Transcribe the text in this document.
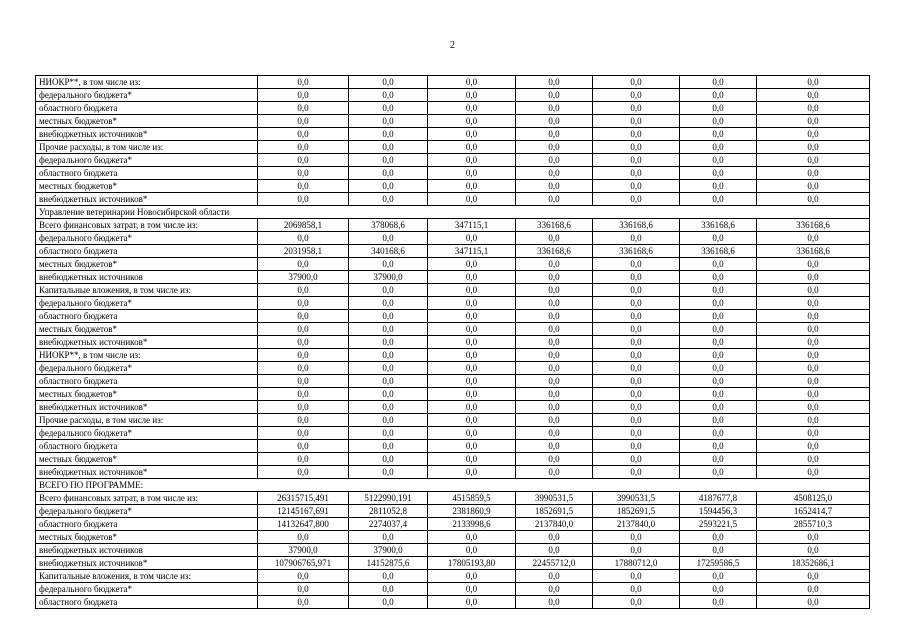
2
НИОКР**, в том числе из:	0,0	0,0	0,0	0,0	0,0	0,0	0,0
федерального бюджета*	0,0	0,0	0,0	0,0	0,0	0,0	0,0
областного бюджета	0,0	0,0	0,0	0,0	0,0	0,0	0,0
местных бюджетов*	0,0	0,0	0,0	0,0	0,0	0,0	0,0
внебюджетных источников*	0,0	0,0	0,0	0,0	0,0	0,0	0,0
Прочие расходы, в том числе из:	0,0	0,0	0,0	0,0	0,0	0,0	0,0
федерального бюджета*	0,0	0,0	0,0	0,0	0,0	0,0	0,0
областного бюджета	0,0	0,0	0,0	0,0	0,0	0,0	0,0
местных бюджетов*	0,0	0,0	0,0	0,0	0,0	0,0	0,0
внебюджетных источников*	0,0	0,0	0,0	0,0	0,0	0,0	0,0
Управление ветеринарии Новосибирской области							
Всего финансовых затрат, в том числе из:	2069858,1	378068,6	347115,1	336168,6	336168,6	336168,6	336168,6
федерального бюджета*	0,0	0,0	0,0	0,0	0,0	0,0	0,0
областного бюджета	2031958,1	340168,6	347115,1	336168,6	336168,6	336168,6	336168,6
местных бюджетов*	0,0	0,0	0,0	0,0	0,0	0,0	0,0
внебюджетных источников	37900,0	37900,0	0,0	0,0	0,0	0,0	0,0
Капитальные вложения, в том числе из:	0,0	0,0	0,0	0,0	0,0	0,0	0,0
федерального бюджета*	0,0	0,0	0,0	0,0	0,0	0,0	0,0
областного бюджета	0,0	0,0	0,0	0,0	0,0	0,0	0,0
местных бюджетов*	0,0	0,0	0,0	0,0	0,0	0,0	0,0
внебюджетных источников*	0,0	0,0	0,0	0,0	0,0	0,0	0,0
НИОКР**, в том числе из:	0,0	0,0	0,0	0,0	0,0	0,0	0,0
федерального бюджета*	0,0	0,0	0,0	0,0	0,0	0,0	0,0
областного бюджета	0,0	0,0	0,0	0,0	0,0	0,0	0,0
местных бюджетов*	0,0	0,0	0,0	0,0	0,0	0,0	0,0
внебюджетных источников*	0,0	0,0	0,0	0,0	0,0	0,0	0,0
Прочие расходы, в том числе из:	0,0	0,0	0,0	0,0	0,0	0,0	0,0
федерального бюджета*	0,0	0,0	0,0	0,0	0,0	0,0	0,0
областного бюджета	0,0	0,0	0,0	0,0	0,0	0,0	0,0
местных бюджетов*	0,0	0,0	0,0	0,0	0,0	0,0	0,0
внебюджетных источников*	0,0	0,0	0,0	0,0	0,0	0,0	0,0
ВСЕГО ПО ПРОГРАММЕ:							
Всего финансовых затрат, в том числе из:	26315715,491	5122990,191	4515859,5	3990531,5	3990531,5	4187677,8	4508125,0
федерального бюджета*	12145167,691	2811052,8	2381860,9	1852691,5	1852691,5	1594456,3	1652414,7
областного бюджета	14132647,800	2274037,4	2133998,6	2137840,0	2137840,0	2593221,5	2855710,3
местных бюджетов*	0,0	0,0	0,0	0,0	0,0	0,0	0,0
внебюджетных источников	37900,0	37900,0	0,0	0,0	0,0	0,0	0,0
внебюджетных источников*	107906765,971	14152875,6	17805193,80	22455712,0	17880712,0	17259586,5	18352686,1
Капитальные вложения, в том числе из:	0,0	0,0	0,0	0,0	0,0	0,0	0,0
федерального бюджета*	0,0	0,0	0,0	0,0	0,0	0,0	0,0
областного бюджета	0,0	0,0	0,0	0,0	0,0	0,0	0,0
